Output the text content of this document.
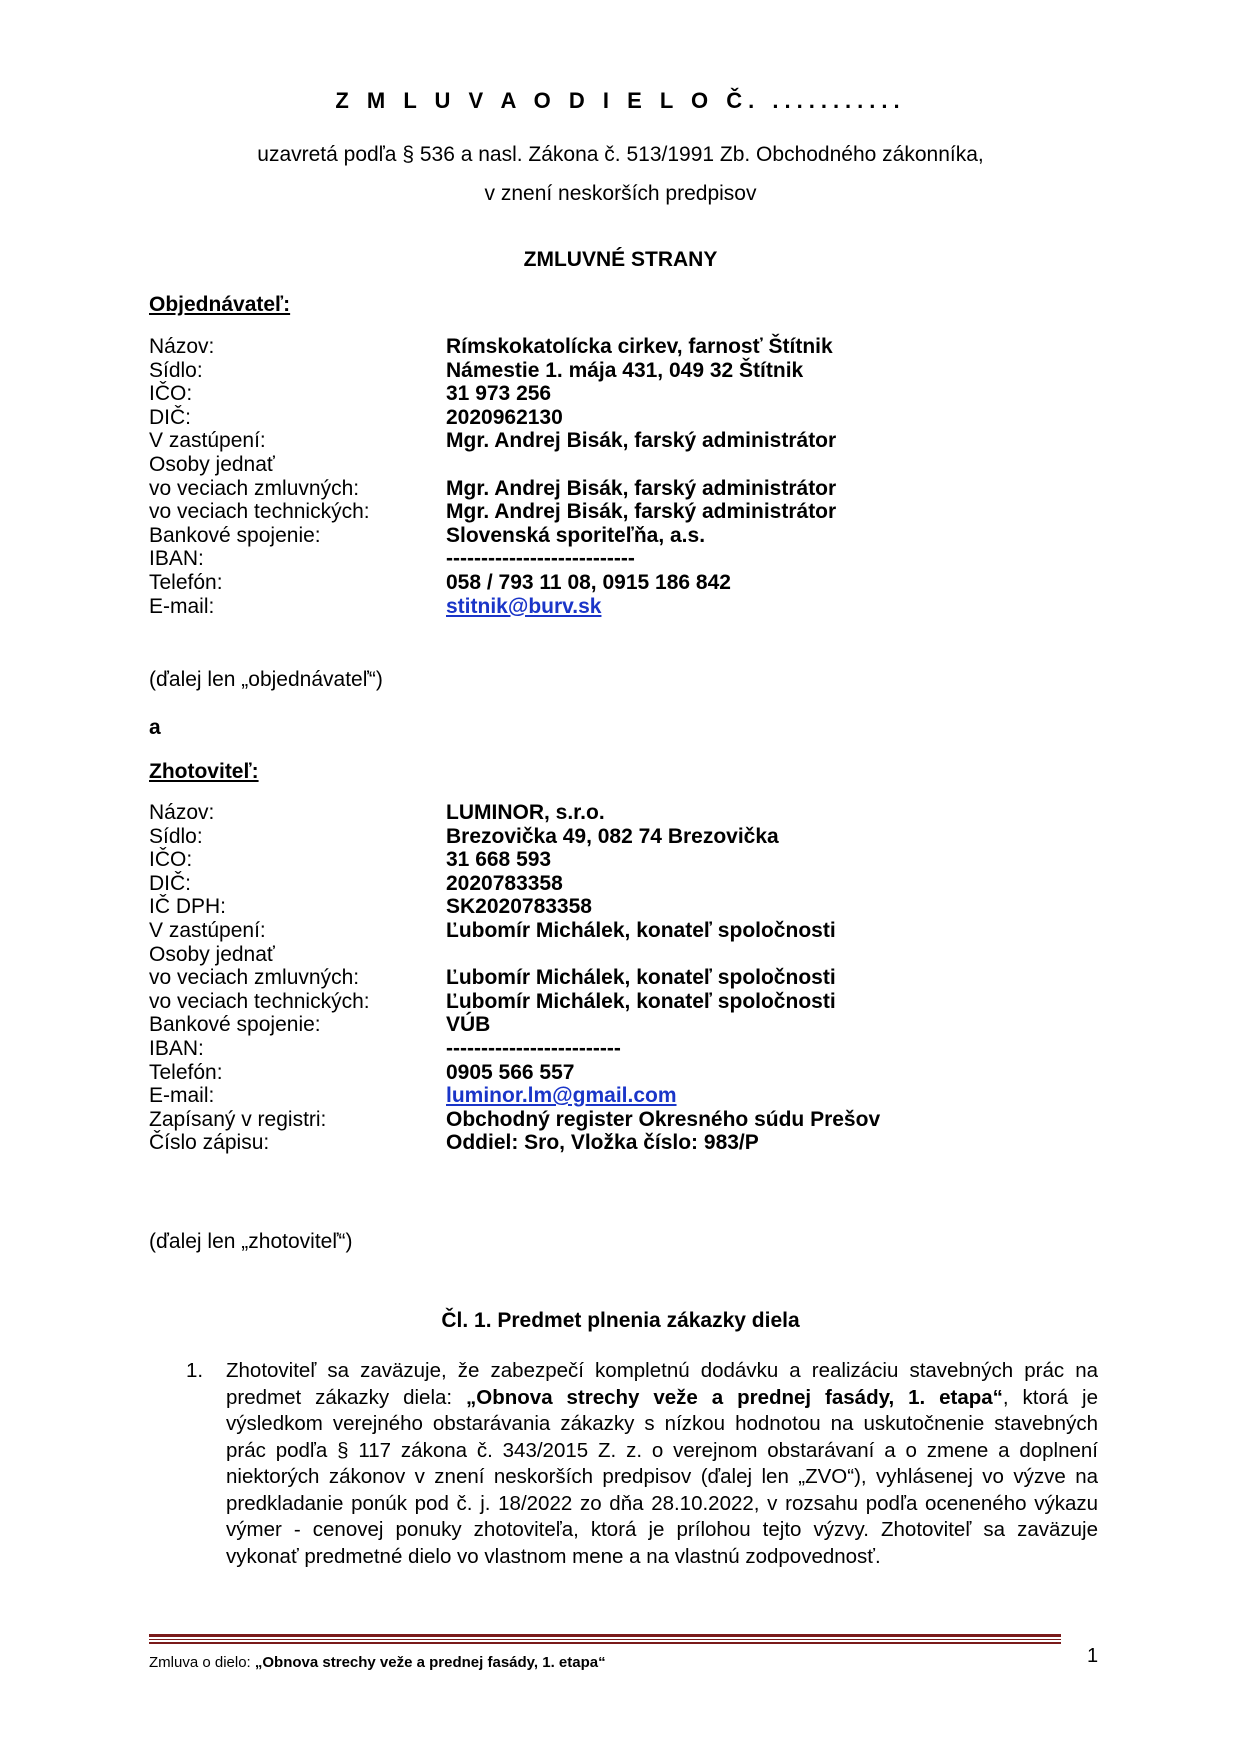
Z M L U V A O D I E L O Č. ...........
uzavretá podľa § 536 a nasl. Zákona č. 513/1991 Zb. Obchodného zákonníka,
v znení neskorších predpisov
ZMLUVNÉ STRANY
Objednávateľ:
Názov:	Rímskokatolícka cirkev, farnosť Štítnik
Sídlo:	Námestie 1. mája 431, 049 32 Štítnik
IČO:	31 973 256
DIČ:	2020962130
V zastúpení:	Mgr. Andrej Bisák, farský administrátor
Osoby jednať
vo veciach zmluvných:	Mgr. Andrej Bisák, farský administrátor
vo veciach technických:	Mgr. Andrej Bisák, farský administrátor
Bankové spojenie:	Slovenská sporiteľňa, a.s.
IBAN:	---------------------------
Telefón:	058 / 793 11 08, 0915 186 842
E-mail:	stitnik@burv.sk
(ďalej len „objednávateľ“)
a
Zhotoviteľ:
Názov:	LUMINOR, s.r.o.
Sídlo:	Brezovička 49, 082 74 Brezovička
IČO:	31 668 593
DIČ:	2020783358
IČ DPH:	SK2020783358
V zastúpení:	Ľubomír Michálek, konateľ spoločnosti
Osoby jednať
vo veciach zmluvných:	Ľubomír Michálek, konateľ spoločnosti
vo veciach technických:	Ľubomír Michálek, konateľ spoločnosti
Bankové spojenie:	VÚB
IBAN:	-------------------------
Telefón:	0905 566 557
E-mail:	luminor.lm@gmail.com
Zapísaný v registri:	Obchodný register Okresného súdu Prešov
Číslo zápisu:	Oddiel: Sro, Vložka číslo: 983/P
(ďalej len „zhotoviteľ“)
Čl. 1. Predmet plnenia zákazky diela
1. Zhotoviteľ sa zaväzuje, že zabezpečí kompletnú dodávku a realizáciu stavebných prác na predmet zákazky diela: „Obnova strechy veže a prednej fasády, 1. etapa“, ktorá je výsledkom verejného obstarávania zákazky s nízkou hodnotou na uskutočnenie stavebných prác podľa § 117 zákona č. 343/2015 Z. z. o verejnom obstarávaní a o zmene a doplnení niektorých zákonov v znení neskorších predpisov (ďalej len „ZVO“), vyhlásenej vo výzve na predkladanie ponúk pod č. j. 18/2022 zo dňa 28.10.2022, v rozsahu podľa oceneného výkazu výmer - cenovej ponuky zhotoviteľa, ktorá je prílohou tejto výzvy. Zhotoviteľ sa zaväzuje vykonať predmetné dielo vo vlastnom mene a na vlastnú zodpovednosť.
Zmluva o dielo: „Obnova strechy veže a prednej fasády, 1. etapa“	1
